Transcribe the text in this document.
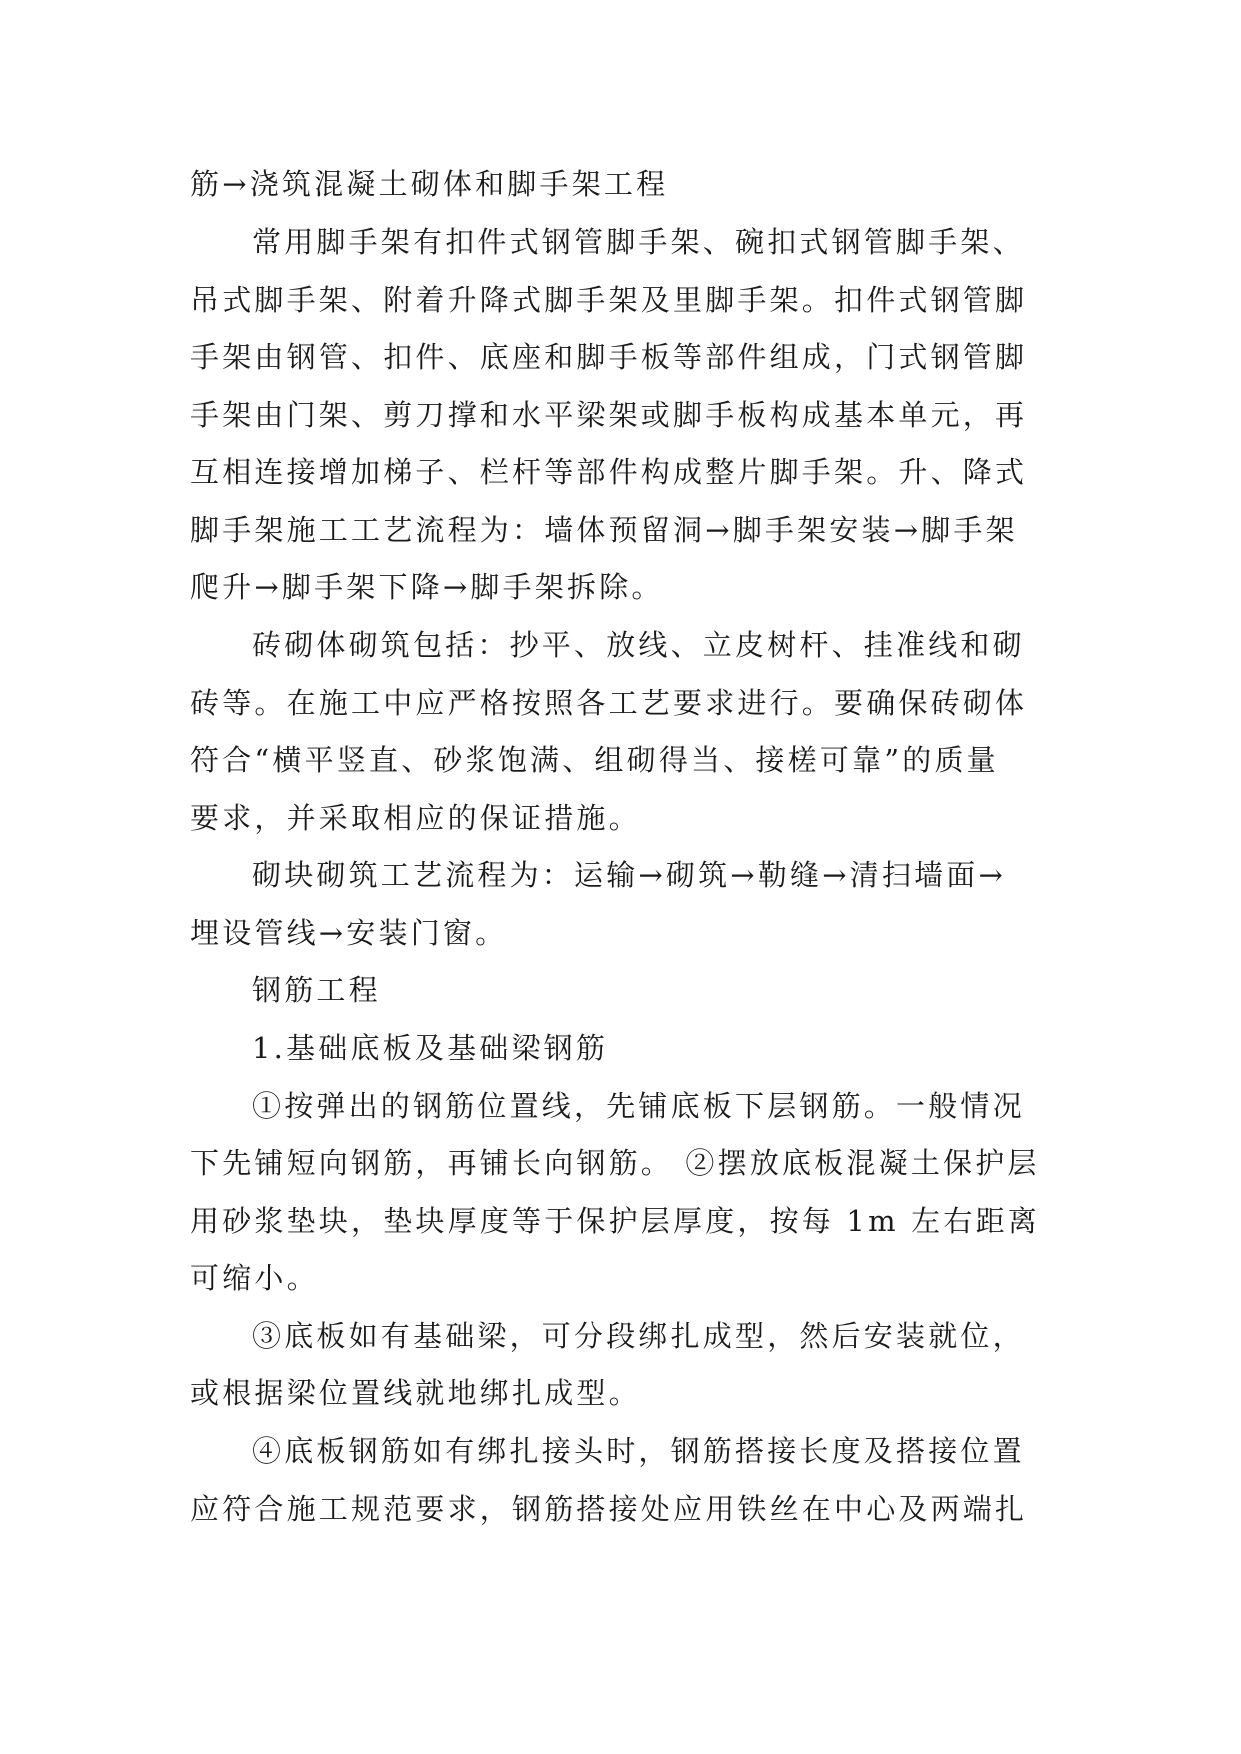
筋→浇筑混凝土砌体和脚手架工程

常用脚手架有扣件式钢管脚手架、碗扣式钢管脚手架、

吊式脚手架、附着升降式脚手架及里脚手架。扣件式钢管脚

手架由钢管、扣件、底座和脚手板等部件组成，门式钢管脚

手架由门架、剪刀撑和水平梁架或脚手板构成基本单元，再

互相连接增加梯子、栏杆等部件构成整片脚手架。升、降式

脚手架施工工艺流程为：墙体预留洞→脚手架安装→脚手架

爬升→脚手架下降→脚手架拆除。

砖砌体砌筑包括：抄平、放线、立皮树杆、挂准线和砌

砖等。在施工中应严格按照各工艺要求进行。要确保砖砌体

符合“横平竖直、砂浆饱满、组砌得当、接槎可靠”的质量

要求，并采取相应的保证措施。

砌块砌筑工艺流程为：运输→砌筑→勒缝→清扫墙面→

埋设管线→安装门窗。

钢筋工程

1.基础底板及基础梁钢筋

①按弹出的钢筋位置线，先铺底板下层钢筋。一般情况

下先铺短向钢筋，再铺长向钢筋。 ②摆放底板混凝土保护层

用砂浆垫块，垫块厚度等于保护层厚度，按每 1m 左右距离

可缩小。

③底板如有基础梁，可分段绑扎成型，然后安装就位，

或根据梁位置线就地绑扎成型。

④底板钢筋如有绑扎接头时，钢筋搭接长度及搭接位置

应符合施工规范要求，钢筋搭接处应用铁丝在中心及两端扎
